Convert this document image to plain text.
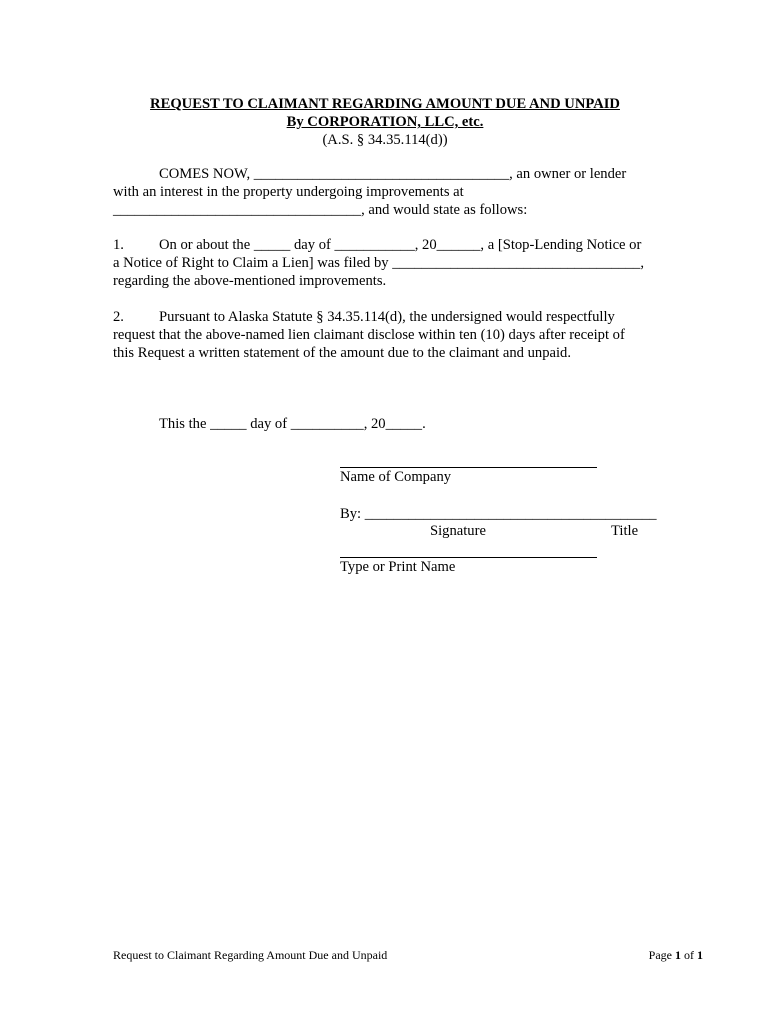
REQUEST TO CLAIMANT REGARDING AMOUNT DUE AND UNPAID
By CORPORATION, LLC, etc.
(A.S. § 34.35.114(d))
COMES NOW, ___________________________________, an owner or lender
with an interest in the property undergoing improvements at
__________________________________, and would state as follows:
1. On or about the _____ day of ___________, 20______, a [Stop-Lending Notice or
a Notice of Right to Claim a Lien] was filed by __________________________________,
regarding the above-mentioned improvements.
2. Pursuant to Alaska Statute § 34.35.114(d), the undersigned would respectfully
request that the above-named lien claimant disclose within ten (10) days after receipt of
this Request a written statement of the amount due to the claimant and unpaid.
This the _____ day of __________, 20_____.
Name of Company
By: ________________________________________
Signature	Title
Type or Print Name
Request to Claimant Regarding Amount Due and Unpaid	Page 1 of 1
